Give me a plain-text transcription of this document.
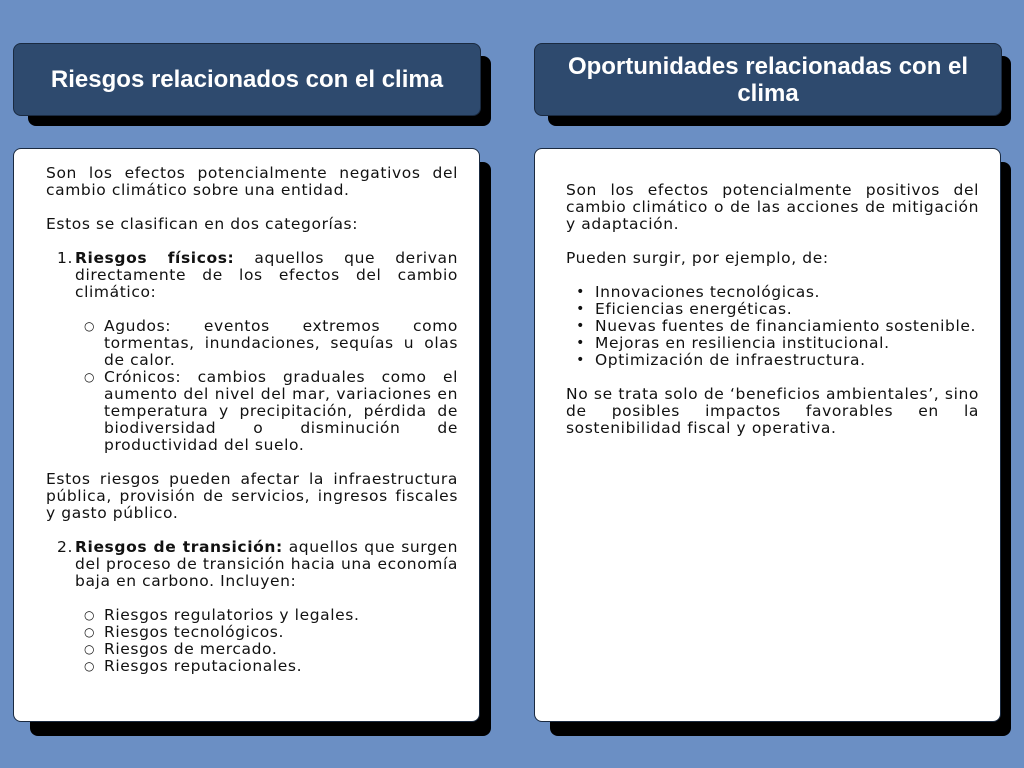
Riesgos relacionados con el clima	Oportunidades relacionadas con el clima

Son los efectos potencialmente negativos del cambio climático sobre una entidad.

Estos se clasifican en dos categorías:

1. Riesgos físicos: aquellos que derivan directamente de los efectos del cambio climático:
○ Agudos: eventos extremos como tormentas, inundaciones, sequías u olas de calor.
○ Crónicos: cambios graduales como el aumento del nivel del mar, variaciones en temperatura y precipitación, pérdida de biodiversidad o disminución de productividad del suelo.

Estos riesgos pueden afectar la infraestructura pública, provisión de servicios, ingresos fiscales y gasto público.

2. Riesgos de transición: aquellos que surgen del proceso de transición hacia una economía baja en carbono. Incluyen:
○ Riesgos regulatorios y legales.
○ Riesgos tecnológicos.
○ Riesgos de mercado.
○ Riesgos reputacionales.

Son los efectos potencialmente positivos del cambio climático o de las acciones de mitigación y adaptación.

Pueden surgir, por ejemplo, de:

• Innovaciones tecnológicas.
• Eficiencias energéticas.
• Nuevas fuentes de financiamiento sostenible.
• Mejoras en resiliencia institucional.
• Optimización de infraestructura.

No se trata solo de ‘beneficios ambientales’, sino de posibles impactos favorables en la sostenibilidad fiscal y operativa.
